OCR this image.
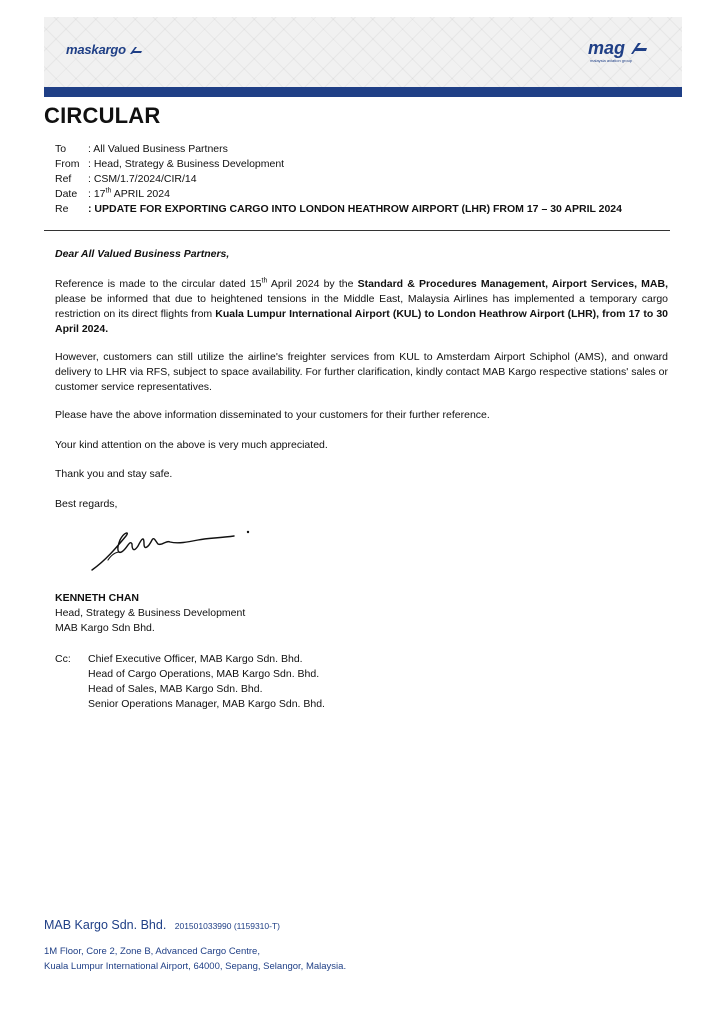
maskargo	mag
malaysia aviation group
CIRCULAR
To	: All Valued Business Partners
From : Head, Strategy & Business Development
Ref	: CSM/1.7/2024/CIR/14
Date	: 17th APRIL 2024
Re	: UPDATE FOR EXPORTING CARGO INTO LONDON HEATHROW AIRPORT (LHR) FROM 17 – 30 APRIL 2024
Dear All Valued Business Partners,
Reference is made to the circular dated 15th April 2024 by the Standard & Procedures Management, Airport Services, MAB, please be informed that due to heightened tensions in the Middle East, Malaysia Airlines has implemented a temporary cargo restriction on its direct flights from Kuala Lumpur International Airport (KUL) to London Heathrow Airport (LHR), from 17 to 30 April 2024.
However, customers can still utilize the airline's freighter services from KUL to Amsterdam Airport Schiphol (AMS), and onward delivery to LHR via RFS, subject to space availability. For further clarification, kindly contact MAB Kargo respective stations' sales or customer service representatives.
Please have the above information disseminated to your customers for their further reference.
Your kind attention on the above is very much appreciated.
Thank you and stay safe.
Best regards,
KENNETH CHAN
Head, Strategy & Business Development
MAB Kargo Sdn Bhd.
Cc:	Chief Executive Officer, MAB Kargo Sdn. Bhd.
Head of Cargo Operations, MAB Kargo Sdn. Bhd.
Head of Sales, MAB Kargo Sdn. Bhd.
Senior Operations Manager, MAB Kargo Sdn. Bhd.
MAB Kargo Sdn. Bhd. 201501033990 (1159310-T)
1M Floor, Core 2, Zone B, Advanced Cargo Centre,
Kuala Lumpur International Airport, 64000, Sepang, Selangor, Malaysia.
